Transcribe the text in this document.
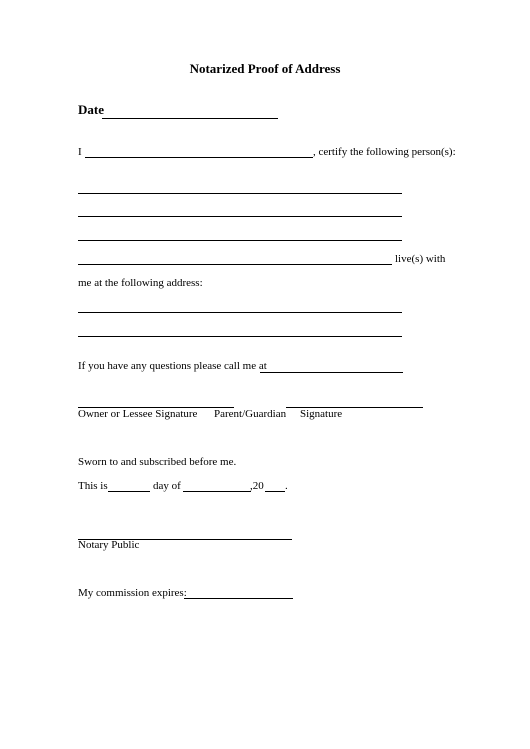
Notarized Proof of Address
Date
I	, certify the following person(s):
live(s) with
me at the following address:
If you have any questions please call me at
Owner or Lessee Signature Parent/Guardian Signature
Sworn to and subscribed before me.
This is	day of	,20 .
Notary Public
My commission expires:
